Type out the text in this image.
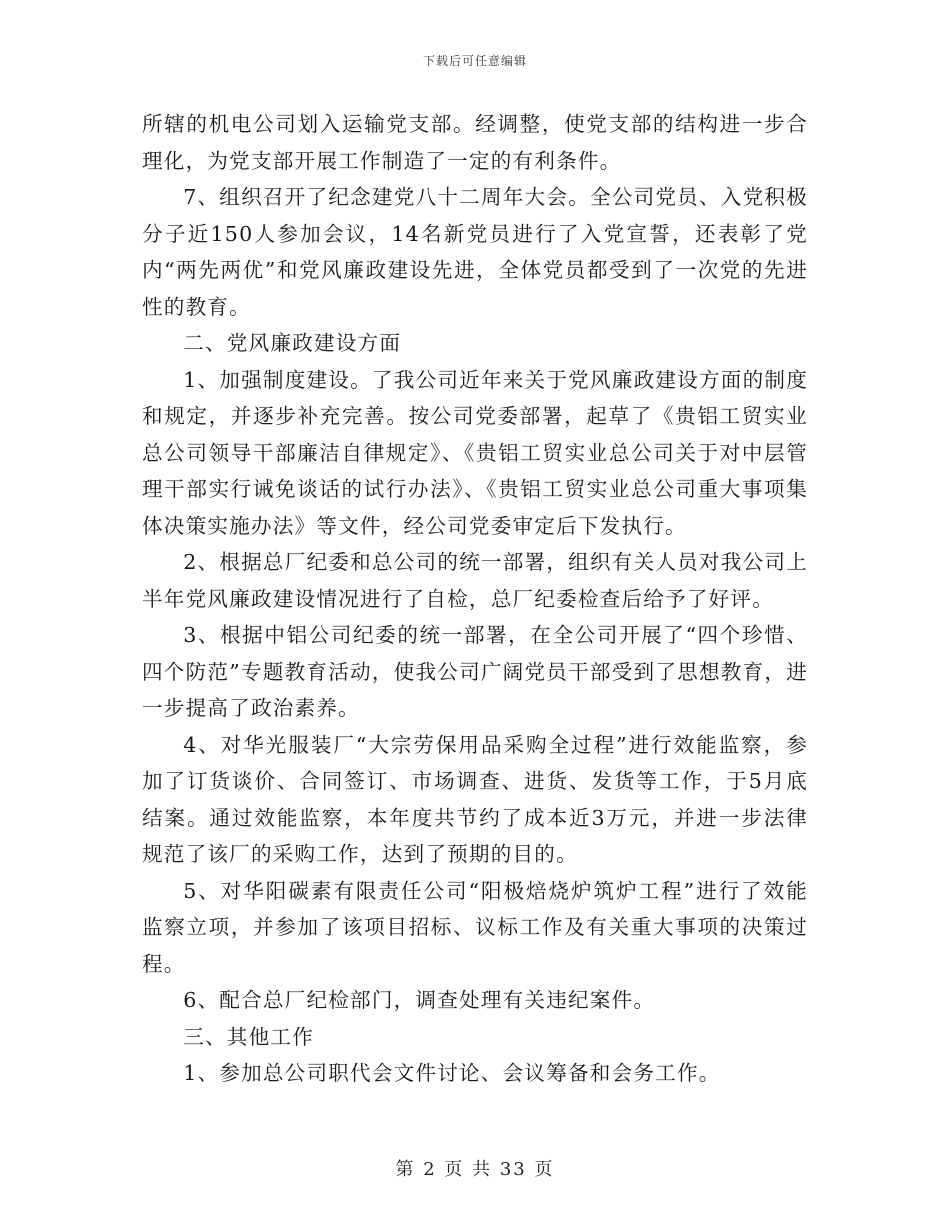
下载后可任意编辑

所辖的机电公司划入运输党支部。经调整，使党支部的结构进一步合理化，为党支部开展工作制造了一定的有利条件。

7、组织召开了纪念建党八十二周年大会。全公司党员、入党积极分子近150人参加会议，14名新党员进行了入党宣誓，还表彰了党内“两先两优”和党风廉政建设先进，全体党员都受到了一次党的先进性的教育。

二、党风廉政建设方面

1、加强制度建设。了我公司近年来关于党风廉政建设方面的制度和规定，并逐步补充完善。按公司党委部署，起草了《贵铝工贸实业总公司领导干部廉洁自律规定》、《贵铝工贸实业总公司关于对中层管理干部实行诫免谈话的试行办法》、《贵铝工贸实业总公司重大事项集体决策实施办法》等文件，经公司党委审定后下发执行。

2、根据总厂纪委和总公司的统一部署，组织有关人员对我公司上半年党风廉政建设情况进行了自检，总厂纪委检查后给予了好评。

3、根据中铝公司纪委的统一部署，在全公司开展了“四个珍惜、四个防范”专题教育活动，使我公司广阔党员干部受到了思想教育，进一步提高了政治素养。

4、对华光服装厂“大宗劳保用品采购全过程”进行效能监察，参加了订货谈价、合同签订、市场调查、进货、发货等工作，于5月底结案。通过效能监察，本年度共节约了成本近3万元，并进一步法律规范了该厂的采购工作，达到了预期的目的。

5、对华阳碳素有限责任公司“阳极焙烧炉筑炉工程”进行了效能监察立项，并参加了该项目招标、议标工作及有关重大事项的决策过程。

6、配合总厂纪检部门，调查处理有关违纪案件。

三、其他工作

1、参加总公司职代会文件讨论、会议筹备和会务工作。

第 2 页 共 33 页
